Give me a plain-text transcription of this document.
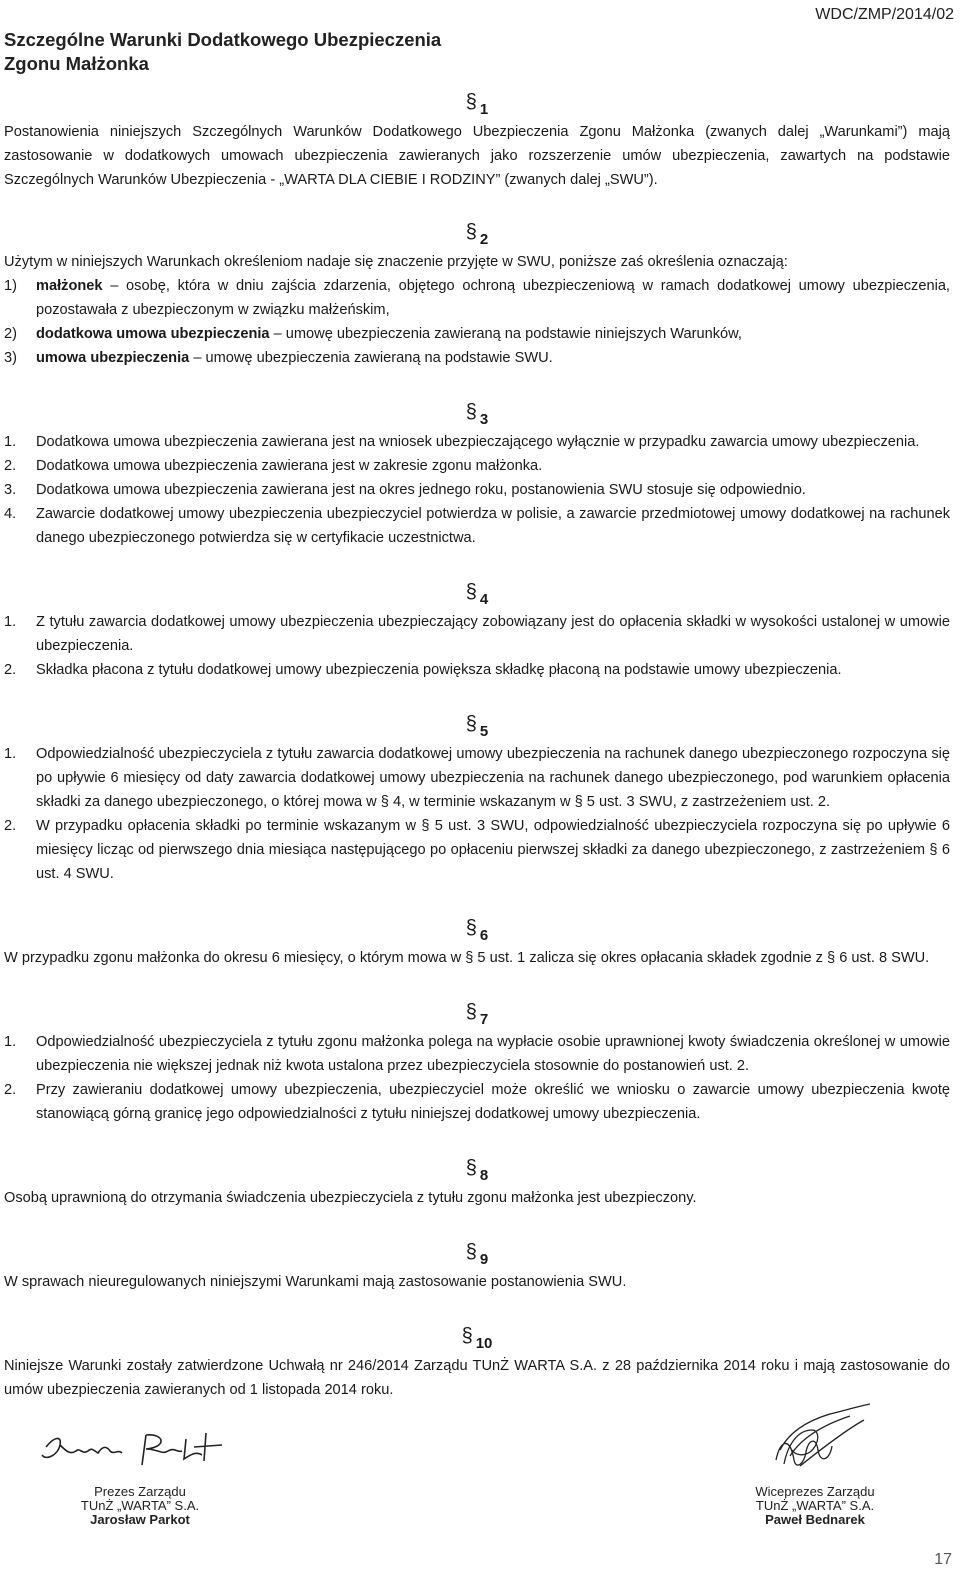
WDC/ZMP/2014/02
Szczególne Warunki Dodatkowego Ubezpieczenia
Zgonu Małżonka
§ 1
Postanowienia niniejszych Szczególnych Warunków Dodatkowego Ubezpieczenia Zgonu Małżonka (zwanych dalej „Warunkami”) mają zastosowanie w dodatkowych umowach ubezpieczenia zawieranych jako rozszerzenie umów ubezpieczenia, zawartych na podstawie Szczególnych Warunków Ubezpieczenia - „WARTA DLA CIEBIE I RODZINY” (zwanych dalej „SWU”).
§ 2
Użytym w niniejszych Warunkach określeniom nadaje się znaczenie przyjęte w SWU, poniższe zaś określenia oznaczają:
1)	małżonek – osobę, która w dniu zajścia zdarzenia, objętego ochroną ubezpieczeniową w ramach dodatkowej umowy ubezpieczenia, pozostawała z ubezpieczonym w związku małżeńskim,
2)	dodatkowa umowa ubezpieczenia – umowę ubezpieczenia zawieraną na podstawie niniejszych Warunków,
3)	umowa ubezpieczenia – umowę ubezpieczenia zawieraną na podstawie SWU.
§ 3
1.	Dodatkowa umowa ubezpieczenia zawierana jest na wniosek ubezpieczającego wyłącznie w przypadku zawarcia umowy ubezpieczenia.
2.	Dodatkowa umowa ubezpieczenia zawierana jest w zakresie zgonu małżonka.
3.	Dodatkowa umowa ubezpieczenia zawierana jest na okres jednego roku, postanowienia SWU stosuje się odpowiednio.
4.	Zawarcie dodatkowej umowy ubezpieczenia ubezpieczyciel potwierdza w polisie, a zawarcie przedmiotowej umowy dodatkowej na rachunek danego ubezpieczonego potwierdza się w certyfikacie uczestnictwa.
§ 4
1.	Z tytułu zawarcia dodatkowej umowy ubezpieczenia ubezpieczający zobowiązany jest do opłacenia składki w wysokości ustalonej w umowie ubezpieczenia.
2.	Składka płacona z tytułu dodatkowej umowy ubezpieczenia powiększa składkę płaconą na podstawie umowy ubezpieczenia.
§ 5
1.	Odpowiedzialność ubezpieczyciela z tytułu zawarcia dodatkowej umowy ubezpieczenia na rachunek danego ubezpieczonego rozpoczyna się po upływie 6 miesięcy od daty zawarcia dodatkowej umowy ubezpieczenia na rachunek danego ubezpieczonego, pod warunkiem opłacenia składki za danego ubezpieczonego, o której mowa w § 4, w terminie wskazanym w § 5 ust. 3 SWU, z zastrzeżeniem ust. 2.
2.	W przypadku opłacenia składki po terminie wskazanym w § 5 ust. 3 SWU, odpowiedzialność ubezpieczyciela rozpoczyna się po upływie 6 miesięcy licząc od pierwszego dnia miesiąca następującego po opłaceniu pierwszej składki za danego ubezpieczonego, z zastrzeżeniem § 6 ust. 4 SWU.
§ 6
W przypadku zgonu małżonka do okresu 6 miesięcy, o którym mowa w § 5 ust. 1 zalicza się okres opłacania składek zgodnie z § 6 ust. 8 SWU.
§ 7
1.	Odpowiedzialność ubezpieczyciela z tytułu zgonu małżonka polega na wypłacie osobie uprawnionej kwoty świadczenia określonej w umowie ubezpieczenia nie większej jednak niż kwota ustalona przez ubezpieczyciela stosownie do postanowień ust. 2.
2.	Przy zawieraniu dodatkowej umowy ubezpieczenia, ubezpieczyciel może określić we wniosku o zawarcie umowy ubezpieczenia kwotę stanowiącą górną granicę jego odpowiedzialności z tytułu niniejszej dodatkowej umowy ubezpieczenia.
§ 8
Osobą uprawnioną do otrzymania świadczenia ubezpieczyciela z tytułu zgonu małżonka jest ubezpieczony.
§ 9
W sprawach nieuregulowanych niniejszymi Warunkami mają zastosowanie postanowienia SWU.
§ 10
Niniejsze Warunki zostały zatwierdzone Uchwałą nr 246/2014 Zarządu TUnŻ WARTA S.A. z 28 października 2014 roku i mają zastosowanie do umów ubezpieczenia zawieranych od 1 listopada 2014 roku.
Prezes Zarządu
TUnŻ „WARTA” S.A.
Jarosław Parkot
Wiceprezes Zarządu
TUnŻ „WARTA” S.A.
Paweł Bednarek
17
